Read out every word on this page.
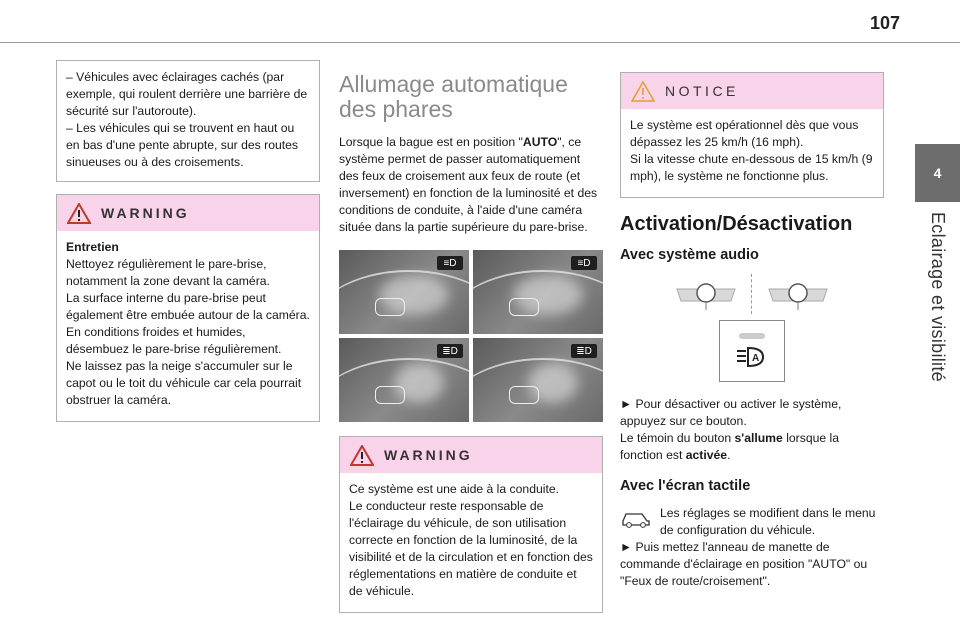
107
4
Eclairage et visibilité

– Véhicules avec éclairages cachés (par exemple, qui roulent derrière une barrière de sécurité sur l'autoroute).

– Les véhicules qui se trouvent en haut ou en bas d'une pente abrupte, sur des routes sinueuses ou à des croisements.

WARNING

Entretien

Nettoyez régulièrement le pare-brise, notamment la zone devant la caméra.

La surface interne du pare-brise peut également être embuée autour de la caméra. En conditions froides et humides, désembuez le pare-brise régulièrement.

Ne laissez pas la neige s'accumuler sur le capot ou le toit du véhicule car cela pourrait obstruer la caméra.

Allumage automatique des phares

Lorsque la bague est en position "AUTO", ce système permet de passer automatiquement des feux de croisement aux feux de route (et inversement) en fonction de la luminosité et des conditions de conduite, à l'aide d'une caméra située dans la partie supérieure du pare-brise.

≡D	≡D
≣D	≣D
WARNING

Ce système est une aide à la conduite.

Le conducteur reste responsable de l'éclairage du véhicule, de son utilisation correcte en fonction de la luminosité, de la visibilité et de la circulation et en fonction des réglementations en matière de conduite et de véhicule.

NOTICE

Le système est opérationnel dès que vous dépassez les 25 km/h (16 mph).

Si la vitesse chute en-dessous de 15 km/h (9 mph), le système ne fonctionne plus.

Activation/Désactivation
Avec système audio
A

► Pour désactiver ou activer le système, appuyez sur ce bouton.

Le témoin du bouton s'allume lorsque la fonction est activée.

Avec l'écran tactile

Les réglages se modifient dans le menu de configuration du véhicule.

► Puis mettez l'anneau de manette de commande d'éclairage en position "AUTO" ou "Feux de route/croisement".
